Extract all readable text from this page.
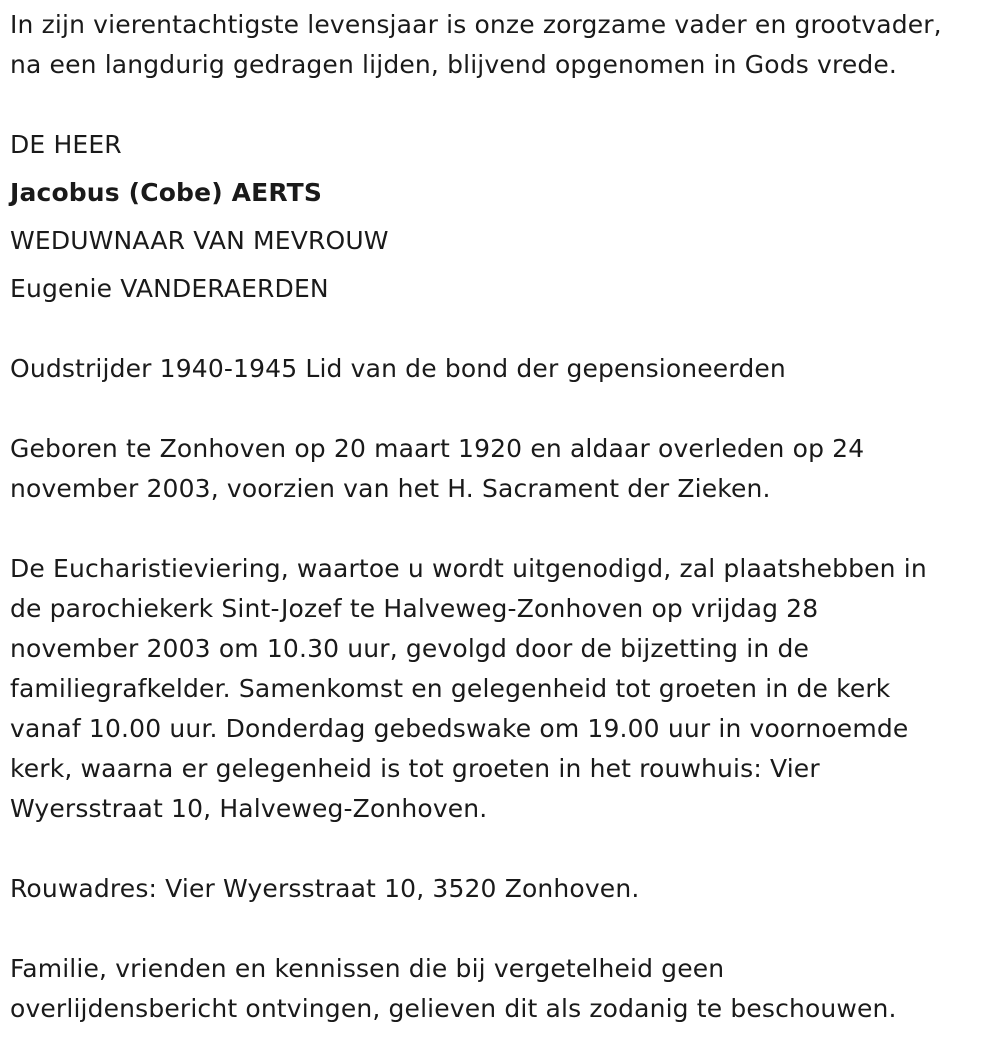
In zijn vierentachtigste levensjaar is onze zorgzame vader en grootvader,
na een langdurig gedragen lijden, blijvend opgenomen in Gods vrede.
DE HEER
Jacobus (Cobe) AERTS
WEDUWNAAR VAN MEVROUW
Eugenie VANDERAERDEN
Oudstrijder 1940-1945 Lid van de bond der gepensioneerden
Geboren te Zonhoven op 20 maart 1920 en aldaar overleden op 24
november 2003, voorzien van het H. Sacrament der Zieken.
De Eucharistieviering, waartoe u wordt uitgenodigd, zal plaatshebben in
de parochiekerk Sint-Jozef te Halveweg-Zonhoven op vrijdag 28
november 2003 om 10.30 uur, gevolgd door de bijzetting in de
familiegrafkelder. Samenkomst en gelegenheid tot groeten in de kerk
vanaf 10.00 uur. Donderdag gebedswake om 19.00 uur in voornoemde
kerk, waarna er gelegenheid is tot groeten in het rouwhuis: Vier
Wyersstraat 10, Halveweg-Zonhoven.
Rouwadres: Vier Wyersstraat 10, 3520 Zonhoven.
Familie, vrienden en kennissen die bij vergetelheid geen
overlijdensbericht ontvingen, gelieven dit als zodanig te beschouwen.
